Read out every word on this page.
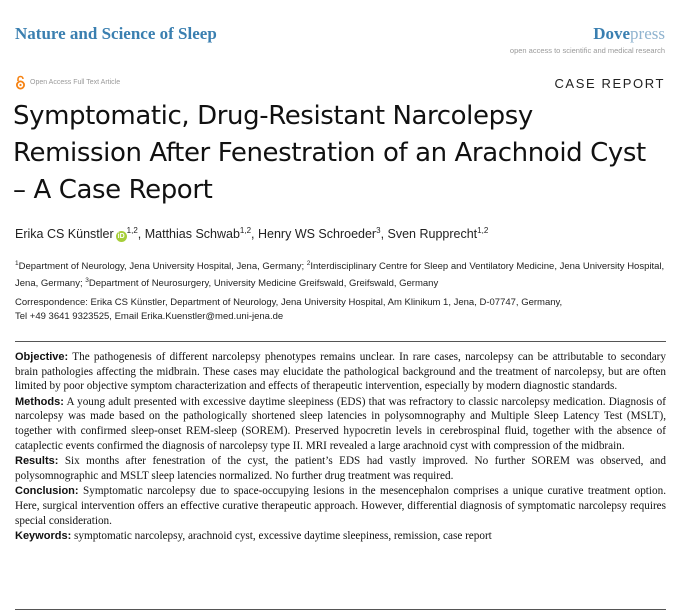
Nature and Science of Sleep	Dovepress
open access to scientific and medical research
Open Access Full Text Article	CASE REPORT
Symptomatic, Drug-Resistant Narcolepsy Remission After Fenestration of an Arachnoid Cyst – A Case Report
Erika CS Künstler iD$^{1,2}$, Matthias Schwab$^{1,2}$, Henry WS Schroeder$^3$, Sven Rupprecht$^{1,2}$
$^1$Department of Neurology, Jena University Hospital, Jena, Germany; $^2$Interdisciplinary Centre for Sleep and Ventilatory Medicine, Jena University Hospital, Jena, Germany; $^3$Department of Neurosurgery, University Medicine Greifswald, Greifswald, Germany
Correspondence: Erika CS Künstler, Department of Neurology, Jena University Hospital, Am Klinikum 1, Jena, D-07747, Germany,
Tel +49 3641 9323525, Email Erika.Kuenstler@med.uni-jena.de

Objective: The pathogenesis of different narcolepsy phenotypes remains unclear. In rare cases, narcolepsy can be attributable to secondary brain pathologies affecting the midbrain. These cases may elucidate the pathological background and the treatment of narcolepsy, but are often limited by poor objective symptom characterization and effects of therapeutic intervention, especially by modern diagnostic standards.

Methods: A young adult presented with excessive daytime sleepiness (EDS) that was refractory to classic narcolepsy medication. Diagnosis of narcolepsy was made based on the pathologically shortened sleep latencies in polysomnography and Multiple Sleep Latency Test (MSLT), together with confirmed sleep-onset REM-sleep (SOREM). Preserved hypocretin levels in cerebrospinal fluid, together with the absence of cataplectic events confirmed the diagnosis of narcolepsy type II. MRI revealed a large arachnoid cyst with compression of the midbrain.

Results: Six months after fenestration of the cyst, the patient’s EDS had vastly improved. No further SOREM was observed, and polysomnographic and MSLT sleep latencies normalized. No further drug treatment was required.

Conclusion: Symptomatic narcolepsy due to space-occupying lesions in the mesencephalon comprises a unique curative treatment option. Here, surgical intervention offers an effective curative therapeutic approach. However, differential diagnosis of symptomatic narcolepsy requires special consideration.

Keywords: symptomatic narcolepsy, arachnoid cyst, excessive daytime sleepiness, remission, case report
